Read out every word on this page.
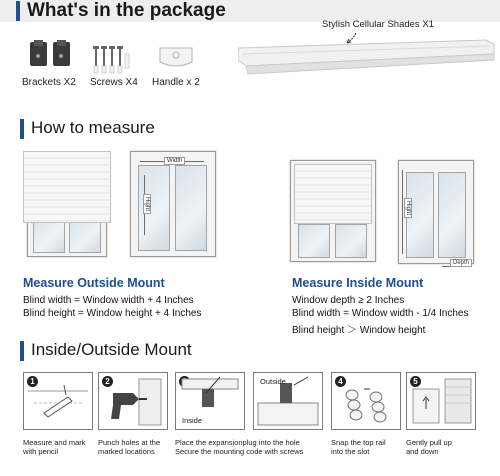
What's in the package
Brackets X2 Screws X4 Handle x 2
Stylish Cellular Shades X1
How to measure
Width
Hight	Hight
Depth
Measure Outside Mount
Blind width = Window width + 4 Inches
Blind height = Window height + 4 Inches
Measure Inside Mount
Window depth ≥ 2 Inches
Blind width = Window width - 1/4 Inches
Blind height ＞ Window height
Inside/Outside Mount
1
Measure and mark
with pencil
2
Punch holes at the
marked locations
Inside
Outside
Place the expansionplug into the hole
Secure the mounting code with screws
4
Snap the top rail
into the slot
5
Gently pull up
and down
